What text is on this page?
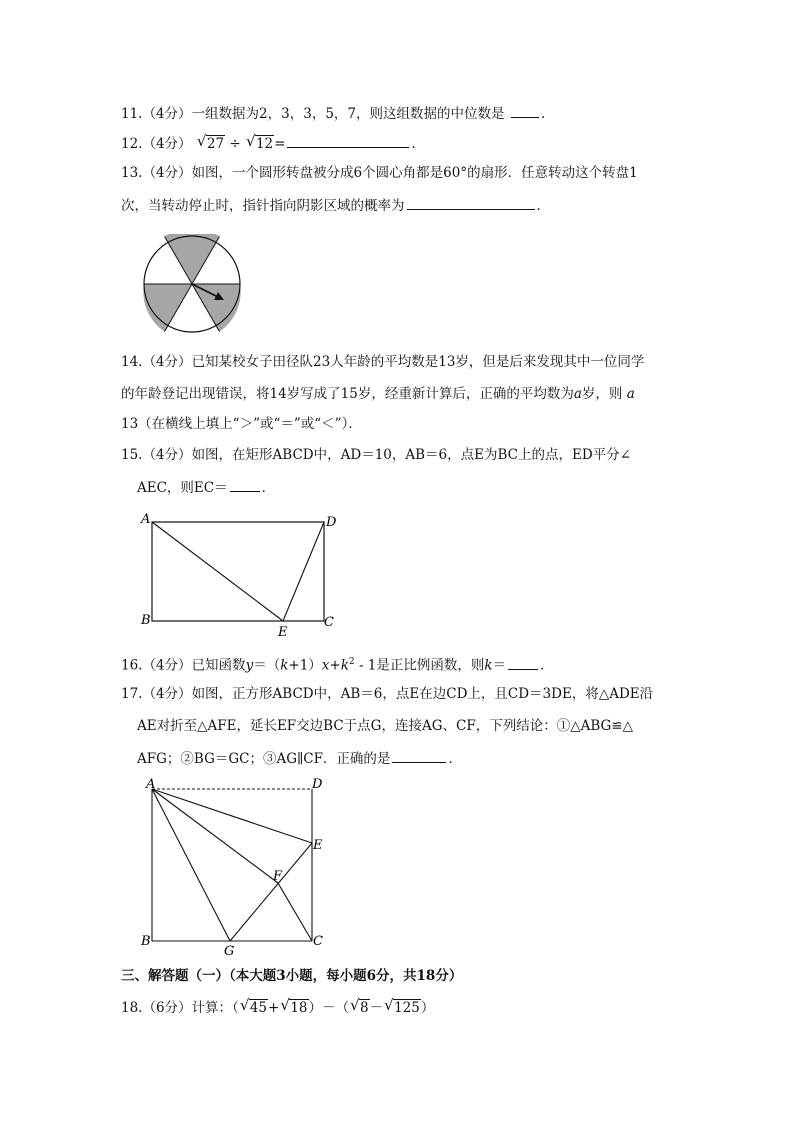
11.（4分）一组数据为2，3，3，5，7，则这组数据的中位数是	.
12.（4分） √ 27 ÷ √ 12=	.
13.（4分）如图，一个圆形转盘被分成6个圆心角都是60°的扇形．任意转动这个转盘1
次，当转动停止时，指针指向阴影区域的概率为	．
14.（4分）已知某校女子田径队23人年龄的平均数是13岁，但是后来发现其中一位同学
的年龄登记出现错误，将14岁写成了15岁，经重新计算后，正确的平均数为a岁，则 a
13（在横线上填上“＞”或“＝”或“＜”）．
15.（4分）如图，在矩形ABCD中，AD＝10，AB＝6，点E为BC上的点，ED平分∠
AEC，则EC＝	．
A	D
B	C
E
16.（4分）已知函数$y=(k+1)x+k^2 - 1$是正比例函数，则k＝	．
17.（4分）如图，正方形ABCD中，AB＝6，点E在边CD上，且CD＝3DE，将△ADE沿
AE对折至△AFE，延长EF交边BC于点G，连接AG、CF，下列结论：①△ABG≌△
AFG；②BG＝GC；③AG∥CF．正确的是	．
A	D
E
F
B
G
C
三、解答题（一）（本大题3小题，每小题6分，共18分）
18.（6分）计算：（ √ 45+ √ 18）－（ √ 8－ √ 125）
